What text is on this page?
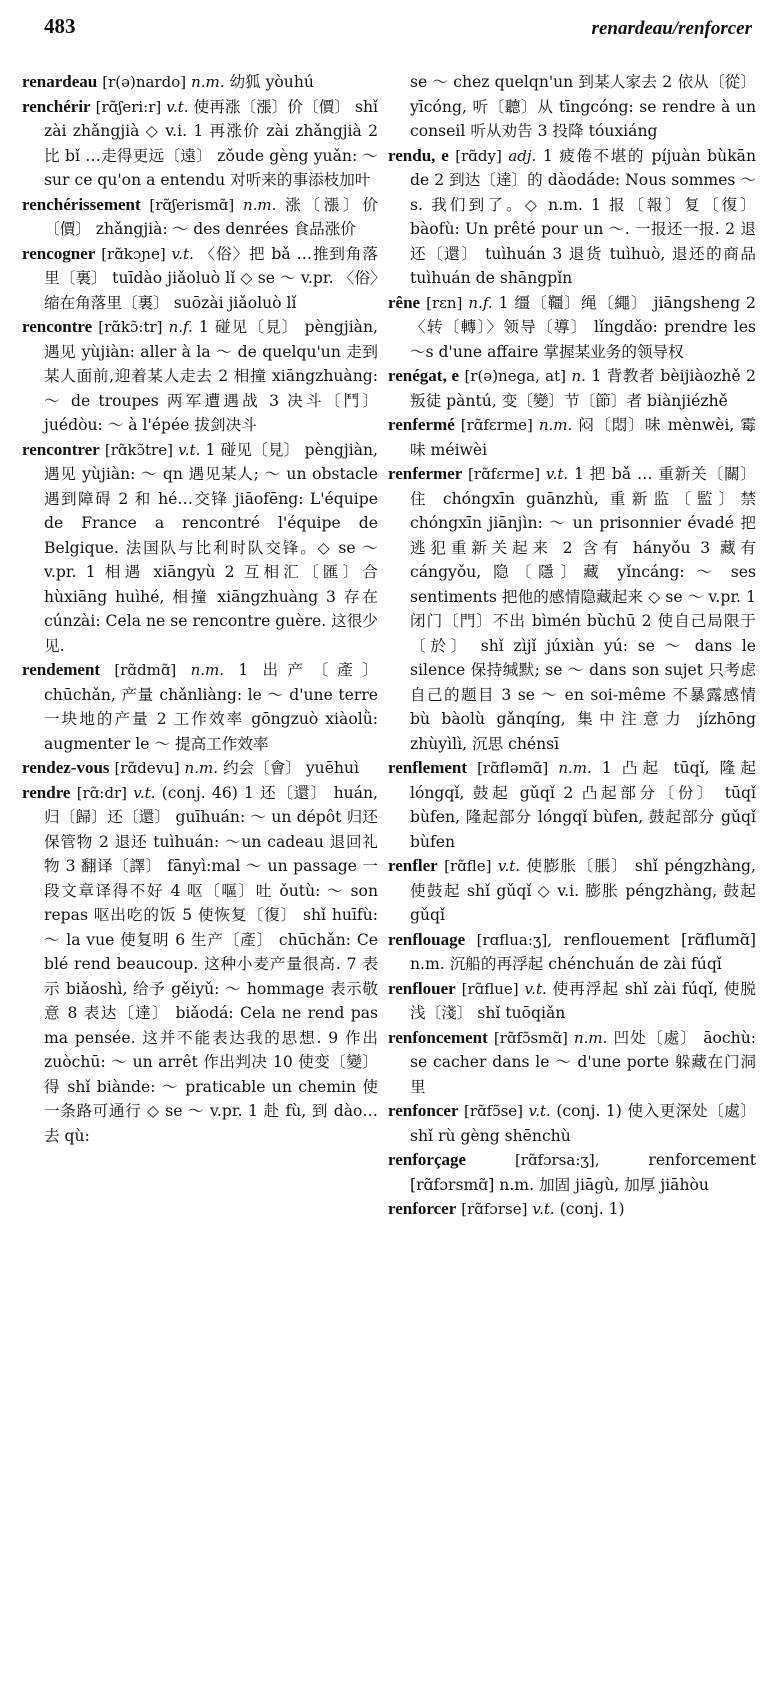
483	renardeau/renforcer

renardeau [r(ə)nardo] n.m. 幼狐 yòuhú

renchérir [rɑ̃ʃeri:r] v.t. 使再涨〔漲〕价〔價〕 shǐ zài zhǎngjià ◇ v.i. 1 再涨价 zài zhǎngjià 2 比 bǐ …走得更远〔遠〕 zǒude gèng yuǎn: ～ sur ce qu'on a entendu 对听来的事添枝加叶

renchérissement [rɑ̃ʃerismɑ̃] n.m. 涨〔漲〕价〔價〕 zhǎngjià: ～ des denrées 食品涨价

rencogner [rɑ̃kɔɲe] v.t. 〈俗〉把 bǎ …推到角落里〔裏〕 tuīdào jiǎoluò lǐ ◇ se ～ v.pr. 〈俗〉缩在角落里〔裏〕 suōzài jiǎoluò lǐ

rencontre [rɑ̃kɔ̃:tr] n.f. 1 碰见〔見〕 pèngjiàn, 遇见 yùjiàn: aller à la ～ de quelqu'un 走到某人面前,迎着某人走去 2 相撞 xiāngzhuàng: ～ de troupes 两军遭遇战 3 决斗〔鬥〕 juédòu: ～ à l'épée 拔剑决斗

rencontrer [rɑ̃kɔ̃tre] v.t. 1 碰见〔見〕 pèngjiàn, 遇见 yùjiàn: ～ qn 遇见某人; ～ un obstacle 遇到障碍 2 和 hé…交锋 jiāofēng: L'équipe de France a rencontré l'équipe de Belgique. 法国队与比利时队交锋。◇ se ～ v.pr. 1 相遇 xiāngyù 2 互相汇〔匯〕合 hùxiāng huìhé, 相撞 xiāngzhuàng 3 存在 cúnzài: Cela ne se rencontre guère. 这很少见.

rendement [rɑ̃dmɑ̃] n.m. 1 出产〔產〕 chūchǎn, 产量 chǎnliàng: le ～ d'une terre 一块地的产量 2 工作效率 gōngzuò xiàolǜ: augmenter le ～ 提高工作效率

rendez-vous [rɑ̃devu] n.m. 约会〔會〕 yuēhuì

rendre [rɑ̃:dr] v.t. (conj. 46) 1 还〔還〕 huán, 归〔歸〕还〔還〕 guīhuán: ～ un dépôt 归还保管物 2 退还 tuìhuán: ～un cadeau 退回礼物 3 翻译〔譯〕 fānyì:mal ～ un passage 一段文章译得不好 4 呕〔嘔〕吐 ǒutù: ～ son repas 呕出吃的饭 5 使恢复〔復〕 shǐ huīfù: ～ la vue 使复明 6 生产〔產〕 chūchǎn: Ce blé rend beaucoup. 这种小麦产量很高. 7 表示 biǎoshì, 给予 gěiyǔ: ～ hommage 表示敬意 8 表达〔達〕 biǎodá: Cela ne rend pas ma pensée. 这并不能表达我的思想. 9 作出 zuòchū: ～ un arrêt 作出判决 10 使变〔變〕得 shǐ biànde: ～ praticable un chemin 使一条路可通行 ◇ se ～ v.pr. 1 赴 fù, 到 dào…去 qù:

se ～ chez quelqn'un 到某人家去 2 依从〔從〕 yīcóng, 听〔聽〕从 tīngcóng: se rendre à un conseil 听从劝告 3 投降 tóuxiáng

rendu, e [rɑ̃dy] adj. 1 疲倦不堪的 píjuàn bùkān de 2 到达〔達〕的 dàodáde: Nous sommes ～s. 我们到了。◇ n.m. 1 报〔報〕复〔復〕 bàofù: Un prêté pour un ～. 一报还一报. 2 退还〔還〕 tuìhuán 3 退货 tuìhuò, 退还的商品 tuìhuán de shāngpǐn

rêne [rɛn] n.f. 1 缰〔韁〕绳〔繩〕 jiāngsheng 2 〈转〔轉〕〉领导〔導〕 lǐngdǎo: prendre les ～s d'une affaire 掌握某业务的领导权

renégat, e [r(ə)nega, at] n. 1 背教者 bèijiàozhě 2 叛徒 pàntú, 变〔變〕节〔節〕者 biànjiézhě

renfermé [rɑ̃fɛrme] n.m. 闷〔悶〕味 mènwèi, 霉味 méiwèi

renfermer [rɑ̃fɛrme] v.t. 1 把 bǎ … 重新关〔關〕住 chóngxīn guānzhù, 重新监〔監〕禁 chóngxīn jiānjìn: ～ un prisonnier évadé 把逃犯重新关起来 2 含有 hányǒu 3 藏有 cángyǒu, 隐〔隱〕藏 yǐncáng: ～ ses sentiments 把他的感情隐藏起来 ◇ se ～ v.pr. 1 闭门〔門〕不出 bìmén bùchū 2 使自己局限于〔於〕 shǐ zìjǐ júxiàn yú: se ～ dans le silence 保持缄默; se ～ dans son sujet 只考虑自己的题目 3 se ～ en soi-même 不暴露感情 bù bàolù gǎnqíng, 集中注意力 jízhōng zhùyìlì, 沉思 chénsī

renflement [rɑ̃fləmɑ̃] n.m. 1 凸起 tūqǐ, 隆起 lóngqǐ, 鼓起 gǔqǐ 2 凸起部分〔份〕 tūqǐ bùfen, 隆起部分 lóngqǐ bùfen, 鼓起部分 gǔqǐ bùfen

renfler [rɑ̃fle] v.t. 使膨胀〔脹〕 shǐ péngzhàng, 使鼓起 shǐ gǔqǐ ◇ v.i. 膨胀 péngzhàng, 鼓起 gǔqǐ

renflouage [rɑflua:ʒ], renflouement [rɑ̃flumɑ̃] n.m. 沉船的再浮起 chénchuán de zài fúqǐ

renflouer [rɑ̃flue] v.t. 使再浮起 shǐ zài fúqǐ, 使脱浅〔淺〕 shǐ tuōqiǎn

renfoncement [rɑ̃fɔ̃smɑ̃] n.m. 凹处〔處〕 āochù: se cacher dans le ～ d'une porte 躲藏在门洞里

renfoncer [rɑ̃fɔ̃se] v.t. (conj. 1) 使入更深处〔處〕 shǐ rù gèng shēnchù

renforçage	[rɑ̃fɔrsa:ʒ],	renforcement [rɑ̃fɔrsmɑ̃] n.m. 加固 jiāgù, 加厚 jiāhòu

renforcer [rɑ̃fɔrse] v.t. (conj. 1)
